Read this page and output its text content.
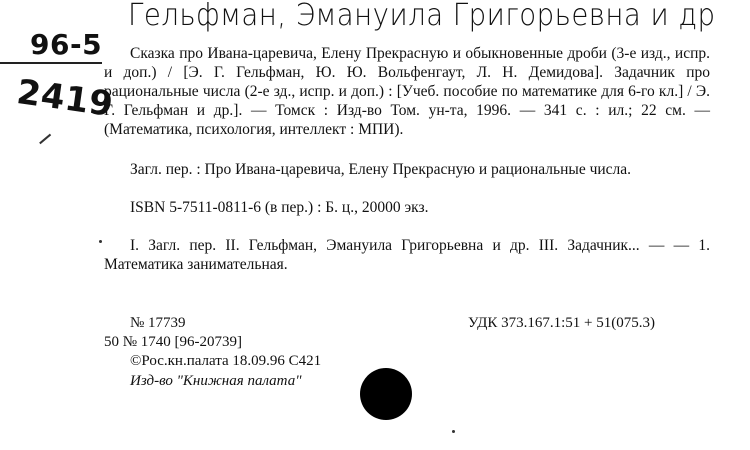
Гельфман, Эмануила Григорьевна и др
96-5
2419
Сказка про Ивана-царевича, Елену Прекрасную и обыкновенные дроби (3-е изд., испр. и доп.) / [Э. Г. Гельфман, Ю. Ю. Вольфенгаут, Л. Н. Демидова]. Задачник про рациональные числа (2-е зд., испр. и доп.) : [Учеб. пособие по математике для 6-го кл.] / Э. Г. Гельфман и др.]. — Томск : Изд-во Том. ун-та, 1996. — 341 с. : ил.; 22 см. — (Математика, психология, интеллект : МПИ).
Загл. пер. : Про Ивана-царевича, Елену Прекрасную и рациональные числа.
ISBN 5-7511-0811-6 (в пер.) : Б. ц., 20000 экз.
I. Загл. пер. II. Гельфман, Эмануила Григорьевна и др. III. Задачник... — — 1. Математика занимательная.
№ 17739
50 № 1740 [96-20739]
©Рос.кн.палата 18.09.96 С421
Изд-во "Книжная палата"
УДК 373.167.1:51 + 51(075.3)
